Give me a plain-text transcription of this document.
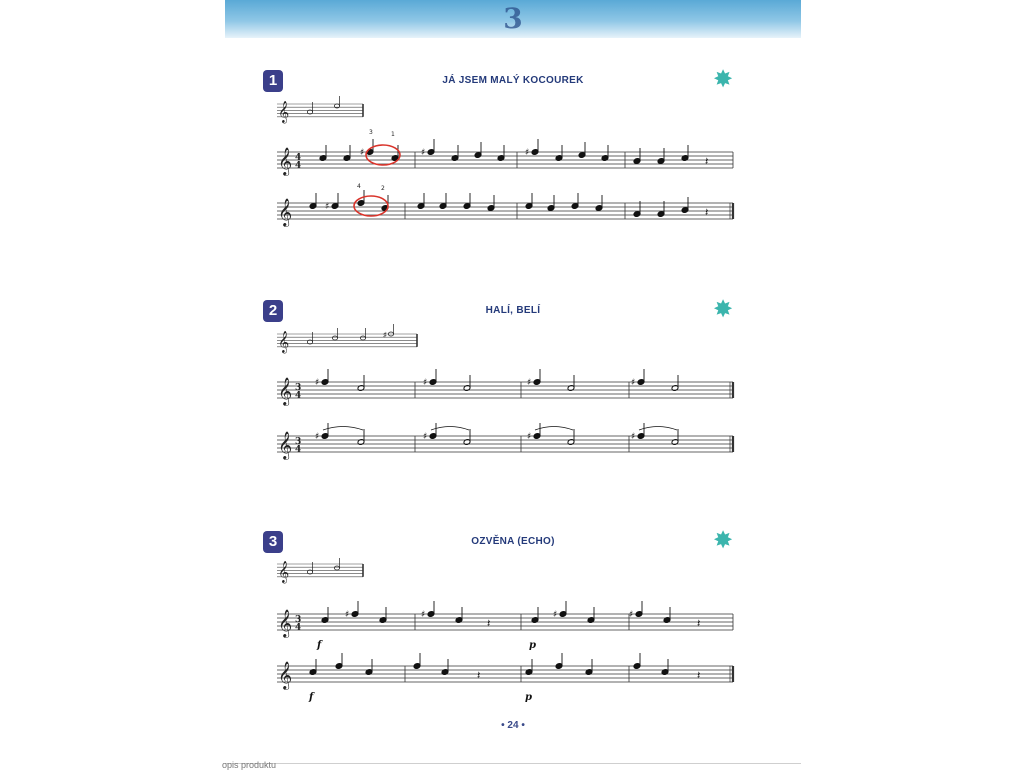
3
1	JÁ JSEM MALÝ KOCOUREK	✸
2	HALÍ, BELÍ	✸
3	OZVĚNA (ECHO)	✸
𝄞
𝄞 4
4
♯
3	1
♯	♯
𝄽
𝄞	♯
4	2
𝄽
𝄞	♯
𝄞 3
4
♯	♯	♯	♯
𝄞 3
4
♯	♯	♯	♯
𝄞
𝄞 3
4
♯	♯
𝄽
♯	♯
𝄽
f	p
𝄞	𝄽	𝄽
f	p
• 24 •
opis produktu
